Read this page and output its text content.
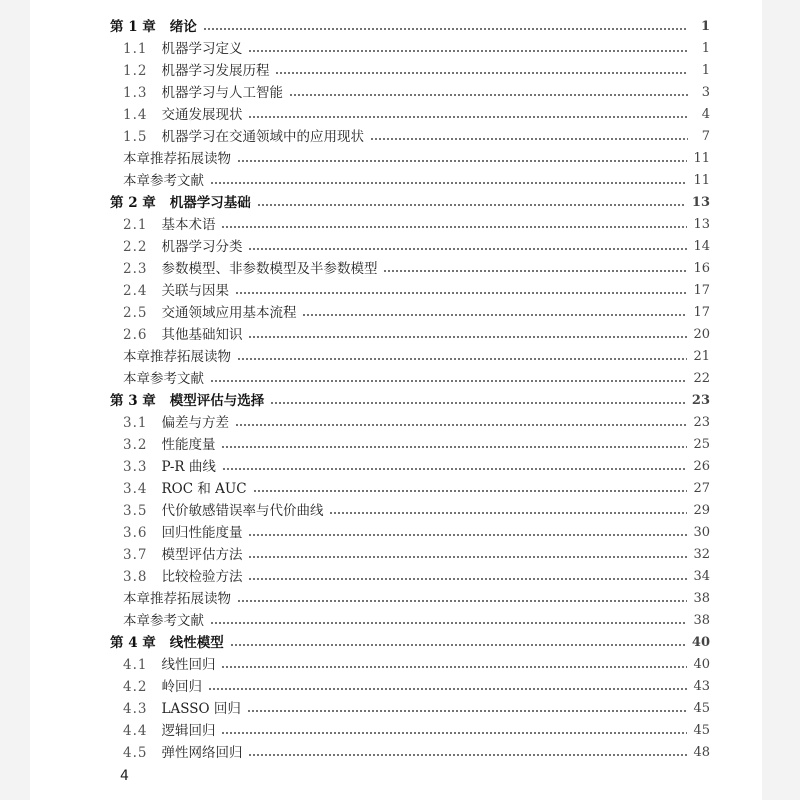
第 1 章 绪论	1
1.1 机器学习定义	1
1.2 机器学习发展历程	1
1.3 机器学习与人工智能	3
1.4 交通发展现状	4
1.5 机器学习在交通领域中的应用现状	7
本章推荐拓展读物	11
本章参考文献	11
第 2 章 机器学习基础	13
2.1 基本术语	13
2.2 机器学习分类	14
2.3 参数模型、非参数模型及半参数模型	16
2.4 关联与因果	17
2.5 交通领域应用基本流程	17
2.6 其他基础知识	20
本章推荐拓展读物	21
本章参考文献	22
第 3 章 模型评估与选择	23
3.1 偏差与方差	23
3.2 性能度量	25
3.3 P-R 曲线	26
3.4 ROC 和 AUC	27
3.5 代价敏感错误率与代价曲线	29
3.6 回归性能度量	30
3.7 模型评估方法	32
3.8 比较检验方法	34
本章推荐拓展读物	38
本章参考文献	38
第 4 章 线性模型	40
4.1 线性回归	40
4.2 岭回归	43
4.3 LASSO 回归	45
4.4 逻辑回归	45
4.5 弹性网络回归	48
4
